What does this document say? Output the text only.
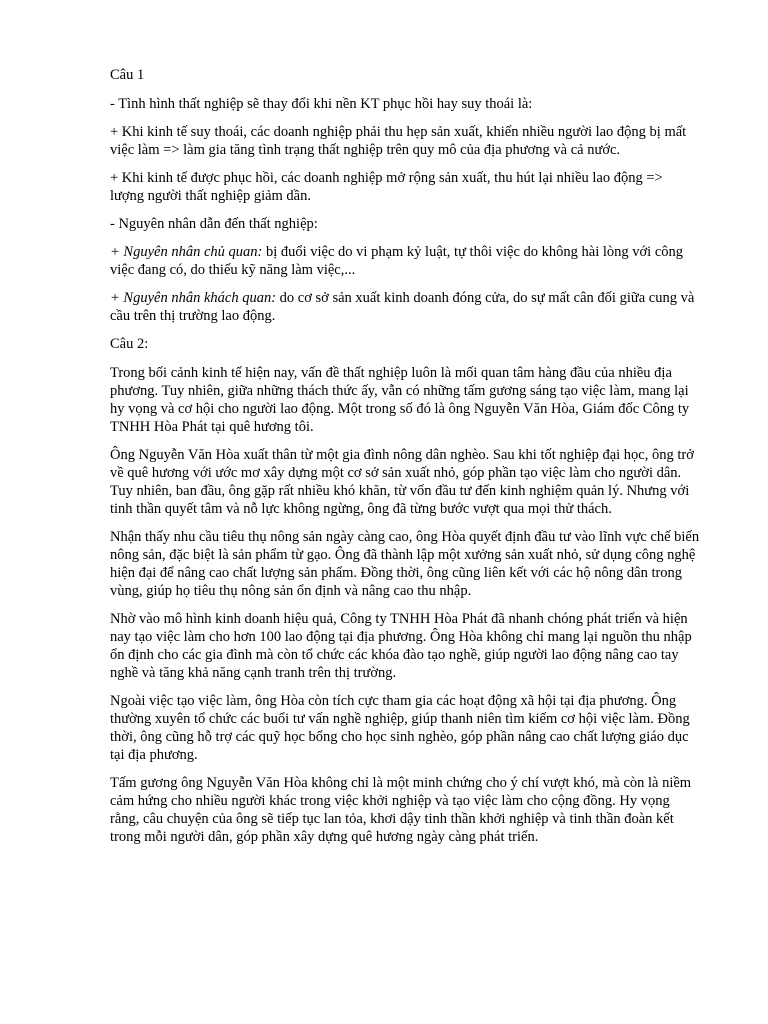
Câu 1

- Tình hình thất nghiệp sẽ thay đổi khi nền KT phục hồi hay suy thoái là:

+ Khi kinh tế suy thoái, các doanh nghiệp phải thu hẹp sản xuất, khiến nhiều người lao động bị mất việc làm => làm gia tăng tình trạng thất nghiệp trên quy mô của địa phương và cả nước.

+ Khi kinh tế được phục hồi, các doanh nghiệp mở rộng sản xuất, thu hút lại nhiều lao động => lượng người thất nghiệp giảm dần.

- Nguyên nhân dẫn đến thất nghiệp:

+ Nguyên nhân chủ quan: bị đuổi việc do vi phạm kỷ luật, tự thôi việc do không hài lòng với công việc đang có, do thiếu kỹ năng làm việc,...

+ Nguyên nhân khách quan: do cơ sở sản xuất kinh doanh đóng cửa, do sự mất cân đối giữa cung và cầu trên thị trường lao động.

Câu 2:

Trong bối cảnh kinh tế hiện nay, vấn đề thất nghiệp luôn là mối quan tâm hàng đầu của nhiều địa phương. Tuy nhiên, giữa những thách thức ấy, vẫn có những tấm gương sáng tạo việc làm, mang lại hy vọng và cơ hội cho người lao động. Một trong số đó là ông Nguyễn Văn Hòa, Giám đốc Công ty TNHH Hòa Phát tại quê hương tôi.

Ông Nguyễn Văn Hòa xuất thân từ một gia đình nông dân nghèo. Sau khi tốt nghiệp đại học, ông trở về quê hương với ước mơ xây dựng một cơ sở sản xuất nhỏ, góp phần tạo việc làm cho người dân. Tuy nhiên, ban đầu, ông gặp rất nhiều khó khăn, từ vốn đầu tư đến kinh nghiệm quản lý. Nhưng với tinh thần quyết tâm và nỗ lực không ngừng, ông đã từng bước vượt qua mọi thử thách.

Nhận thấy nhu cầu tiêu thụ nông sản ngày càng cao, ông Hòa quyết định đầu tư vào lĩnh vực chế biến nông sản, đặc biệt là sản phẩm từ gạo. Ông đã thành lập một xưởng sản xuất nhỏ, sử dụng công nghệ hiện đại để nâng cao chất lượng sản phẩm. Đồng thời, ông cũng liên kết với các hộ nông dân trong vùng, giúp họ tiêu thụ nông sản ổn định và nâng cao thu nhập.

Nhờ vào mô hình kinh doanh hiệu quả, Công ty TNHH Hòa Phát đã nhanh chóng phát triển và hiện nay tạo việc làm cho hơn 100 lao động tại địa phương. Ông Hòa không chỉ mang lại nguồn thu nhập ổn định cho các gia đình mà còn tổ chức các khóa đào tạo nghề, giúp người lao động nâng cao tay nghề và tăng khả năng cạnh tranh trên thị trường.

Ngoài việc tạo việc làm, ông Hòa còn tích cực tham gia các hoạt động xã hội tại địa phương. Ông thường xuyên tổ chức các buổi tư vấn nghề nghiệp, giúp thanh niên tìm kiếm cơ hội việc làm. Đồng thời, ông cũng hỗ trợ các quỹ học bổng cho học sinh nghèo, góp phần nâng cao chất lượng giáo dục tại địa phương.

Tấm gương ông Nguyễn Văn Hòa không chỉ là một minh chứng cho ý chí vượt khó, mà còn là niềm cảm hứng cho nhiều người khác trong việc khởi nghiệp và tạo việc làm cho cộng đồng. Hy vọng rằng, câu chuyện của ông sẽ tiếp tục lan tỏa, khơi dậy tinh thần khởi nghiệp và tinh thần đoàn kết trong mỗi người dân, góp phần xây dựng quê hương ngày càng phát triển.
